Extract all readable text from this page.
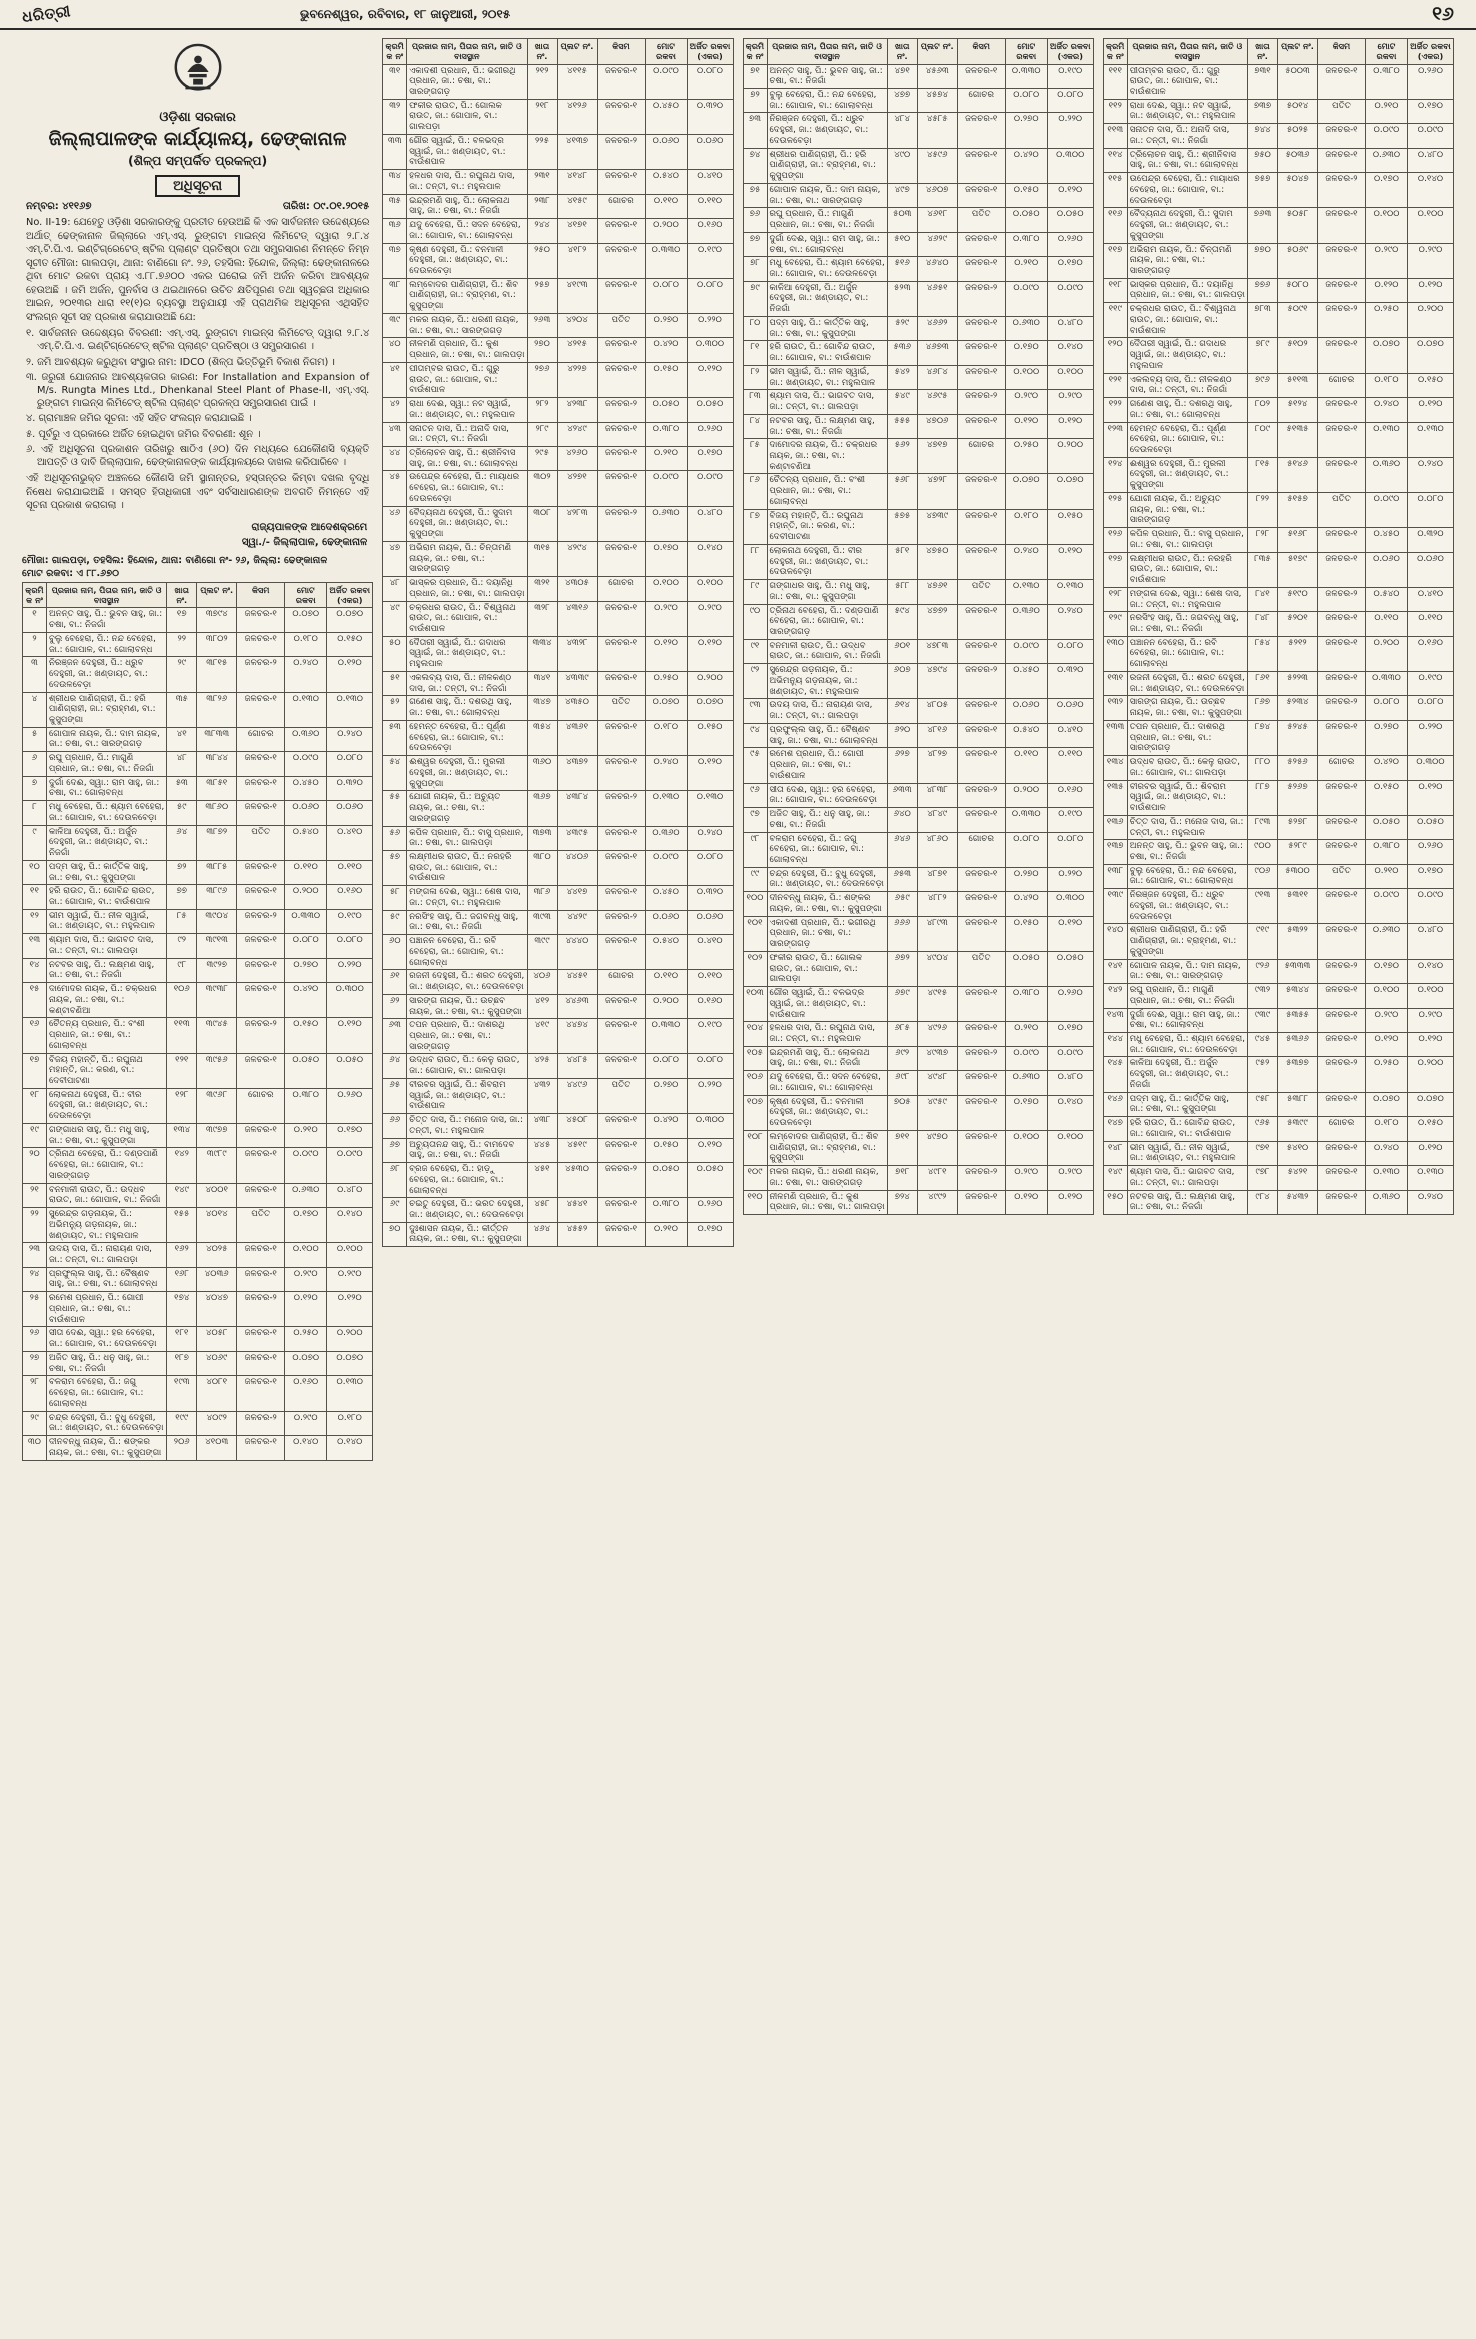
ଧରିତ୍ରୀ	ଭୁବନେଶ୍ୱର, ରବିବାର, ୧୮ ଜାନୁଆରୀ, ୨୦୧୫	୧୬
ଓଡ଼ିଶା ସରକାର
ଜିଲ୍ଲାପାଳଙ୍କ କାର୍ଯ୍ୟାଳୟ, ଢେଙ୍କାନାଳ
(ଶିଳ୍ପ ସମ୍ପର୍କିତ ପ୍ରକଳ୍ପ)
ଅଧିସୂଚନା
ନମ୍ବର: ୪୧୧୬୭	ତାରିଖ: ୦୯.୦୧.୨୦୧୫

No. II-19: ଯେହେତୁ ଓଡ଼ିଶା ସରକାରଙ୍କୁ ପ୍ରତୀତ ହେଉଅଛି କି ଏକ ସାର୍ବଜନୀନ ଉଦ୍ଦେଶ୍ୟରେ ଅର୍ଥାତ୍ ଢେଙ୍କାନାଳ ଜିଲ୍ଲାରେ ଏମ୍.ଏସ୍. ରୁଙ୍ଗଟା ମାଇନ୍ସ ଲିମିଟେଡ୍ ଦ୍ୱାରା ୨.୮.୪ ଏମ୍.ଟି.ପି.ଏ. ଇଣ୍ଟିଗ୍ରେଟେଡ୍ ଷ୍ଟିଲ ପ୍ଲାଣ୍ଟ ପ୍ରତିଷ୍ଠା ତଥା ସମ୍ପ୍ରସାରଣ ନିମନ୍ତେ ନିମ୍ନ ସୂଚୀତ ମୌଜା: ଗାଲପଡ଼ା, ଥାନା: ବାଣିଗୋ ନଂ. ୨୬, ତହସିଲ: ହିନ୍ଦୋଳ, ଜିଲ୍ଲା: ଢେଙ୍କାନାଳରେ ଥିବା ମୋଟ ରକବା ପ୍ରାୟ ଏ.୮୮.୭୬୦୦ ଏକର ଘରୋଇ ଜମି ଅର୍ଜନ କରିବା ଆବଶ୍ୟକ ହେଉଅଛି । ଜମି ଅର୍ଜନ, ପୁନର୍ବାସ ଓ ଥଇଥାନରେ ଉଚିତ କ୍ଷତିପୂରଣ ତଥା ସ୍ୱଚ୍ଛତା ଅଧିକାର ଆଇନ, ୨୦୧୩ର ଧାରା ୧୧(୧)ର ବ୍ୟବସ୍ଥା ଅନୁଯାୟୀ ଏହି ପ୍ରାଥମିକ ଅଧିସୂଚନା ଏଥିସହିତ ସଂଲଗ୍ନ ସୂଚୀ ସହ ପ୍ରକାଶ କରାଯାଉଅଛି ଯେ:

୧. ସାର୍ବଜନୀନ ଉଦ୍ଦେଶ୍ୟର ବିବରଣୀ: ଏମ୍.ଏସ୍. ରୁଙ୍ଗଟା ମାଇନ୍ସ ଲିମିଟେଡ୍ ଦ୍ୱାରା ୨.୮.୪ ଏମ୍.ଟି.ପି.ଏ. ଇଣ୍ଟିଗ୍ରେଟେଡ୍ ଷ୍ଟିଲ ପ୍ଲାଣ୍ଟ ପ୍ରତିଷ୍ଠା ଓ ସମ୍ପ୍ରସାରଣ ।

୨. ଜମି ଆବଶ୍ୟକ କରୁଥିବା ସଂସ୍ଥାର ନାମ: IDCO (ଶିଳ୍ପ ଭିତ୍ତିଭୂମି ବିକାଶ ନିଗମ) ।

୩. ଜରୁରୀ ଯୋଜନାର ଆବଶ୍ୟକତାର କାରଣ: For Installation and Expansion of M/s. Rungta Mines Ltd., Dhenkanal Steel Plant of Phase-II, ଏମ୍.ଏସ୍. ରୁଙ୍ଗଟା ମାଇନ୍ସ ଲିମିଟେଡ୍ ଷ୍ଟିଲ ପ୍ଲାଣ୍ଟ ପ୍ରକଳ୍ପ ସମ୍ପ୍ରସାରଣ ପାଇଁ ।

୪. ଗ୍ରାମାଞ୍ଚଳ ଜମିର ସୂଚନା: ଏହି ସହିତ ସଂଲଗ୍ନ କରାଯାଇଛି ।

୫. ପୂର୍ବରୁ ଏ ପ୍ରକାରେ ଅର୍ଜିତ ହୋଇଥିବା ଜମିର ବିବରଣୀ: ଶୂନ ।

୬. ଏହି ଅଧିସୂଚନା ପ୍ରକାଶନ ତାରିଖରୁ ଷାଠିଏ (୬୦) ଦିନ ମଧ୍ୟରେ ଯେକୌଣସି ବ୍ୟକ୍ତି ଆପତ୍ତି ଓ ଦାବି ଜିଲ୍ଲାପାଳ, ଢେଙ୍କାନାଳଙ୍କ କାର୍ଯ୍ୟାଳୟରେ ଦାଖଲ କରିପାରିବେ ।

ଏହି ଅଧିସୂଚନାଭୁକ୍ତ ଅଞ୍ଚଳରେ କୌଣସି ଜମି ସ୍ଥାନାନ୍ତର, ହସ୍ତାନ୍ତର କିମ୍ବା ଦଖଲ ବୃଦ୍ଧି ନିଷେଧ କରାଯାଇଅଛି । ସମସ୍ତ ହିତାଧିକାରୀ ଏବଂ ସର୍ବସାଧାରଣଙ୍କ ଅବଗତି ନିମନ୍ତେ ଏହି ସୂଚନା ପ୍ରକାଶ କରାଗଲା ।

ରାଜ୍ୟପାଳଙ୍କ ଆଦେଶକ୍ରମେ
ସ୍ୱା./- ଜିଲ୍ଲାପାଳ, ଢେଙ୍କାନାଳ
ମୌଜା: ଗାଲପଡ଼ା, ତହସିଲ: ହିନ୍ଦୋଳ, ଥାନା: ବାଣିଗୋ ନଂ- ୨୬, ଜିଲ୍ଲା: ଢେଙ୍କାନାଳ
ମୋଟ ରକବା: ଏ ୮୮.୬୭୦
କ୍ରମିକ ନଂ	ପ୍ରଜାର ନାମ, ପିତାର ନାମ, ଜାତି ଓ ବାସସ୍ଥାନ	ଖାତା ନଂ.	ପ୍ଲଟ ନଂ.	କିସମ	ମୋଟ ରକବା	ଅର୍ଜିତ ରକବା (ଏକର)
୧	ଅନନ୍ତ ସାହୁ, ପି.: ଭୁବନ ସାହୁ, ଜା.: ଚଷା, ବା.: ନିଜଗାଁ	୧୭	୩୭୯୪	ଜଳଚର-୧	୦.୦୭୦	୦.୦୭୦
୨	ବୁଲୁ ବେହେରା, ପି.: ନନ୍ଦ ବେହେରା, ଜା.: ଗୋପାଳ, ବା.: ଗୋଲାବନ୍ଧ	୨୨	୩୮୦୨	ଜଳଚର-୧	୦.୧୮୦	୦.୧୫୦
୩	ନିରଞ୍ଜନ ଦେହୁରୀ, ପି.: ଧ୍ରୁବ ଦେହୁରୀ, ଜା.: ଖଣ୍ଡାୟତ, ବା.: ଦେଉଳବେଡ଼ା	୨୯	୩୮୧୫	ଜଳଚର-୨	୦.୨୪୦	୦.୧୨୦
୪	ଶ୍ରୀଧର ପାଣିଗ୍ରାହୀ, ପି.: ହରି ପାଣିଗ୍ରାହୀ, ଜା.: ବ୍ରାହ୍ମଣ, ବା.: କୁସୁପଙ୍ଗା	୩୫	୩୮୨୬	ଜଳଚର-୧	୦.୧୩୦	୦.୧୩୦
୫	ଗୋପାଳ ନାୟକ, ପି.: ଦାମ ନାୟକ, ଜା.: ଚଷା, ବା.: ସାରଙ୍ଗଗଡ଼	୪୧	୩୮୩୩	ଗୋଚର	୦.୩୬୦	୦.୨୪୦
୬	ରଘୁ ପ୍ରଧାନ, ପି.: ମାଗୁଣି ପ୍ରଧାନ, ଜା.: ଚଷା, ବା.: ନିଜଗାଁ	୪୮	୩୮୪୪	ଜଳଚର-୧	୦.୦୯୦	୦.୦୮୦
୭	ଦୁର୍ଗା ଦେଈ, ସ୍ୱା.: ରାମ ସାହୁ, ଜା.: ଚଷା, ବା.: ଗୋଲାବନ୍ଧ	୫୩	୩୮୫୧	ଜଳଚର-୧	୦.୪୫୦	୦.୩୨୦
୮	ମଧୁ ବେହେରା, ପି.: ଶ୍ୟାମ ବେହେରା, ଜା.: ଗୋପାଳ, ବା.: ଦେଉଳବେଡ଼ା	୫୯	୩୮୬୦	ଜଳଚର-୧	୦.୦୬୦	୦.୦୬୦
୯	କାଳିଆ ଦେହୁରୀ, ପି.: ଅର୍ଜୁନ ଦେହୁରୀ, ଜା.: ଖଣ୍ଡାୟତ, ବା.: ନିଜଗାଁ	୬୪	୩୮୭୨	ପତିତ	୦.୫୪୦	୦.୪୧୦
୧୦	ପଦ୍ମ ସାହୁ, ପି.: କାର୍ତ୍ତିକ ସାହୁ, ଜା.: ଚଷା, ବା.: କୁସୁପଙ୍ଗା	୭୨	୩୮୮୫	ଜଳଚର-୧	୦.୧୧୦	୦.୧୧୦
୧୧	ହରି ରାଉତ, ପି.: ଗୋବିନ୍ଦ ରାଉତ, ଜା.: ଗୋପାଳ, ବା.: ବାଉଁଶପାଳ	୭୭	୩୮୯୬	ଜଳଚର-୧	୦.୨୦୦	୦.୧୬୦
୧୨	ଭୀମ ସ୍ୱାଇଁ, ପି.: ନୀଳ ସ୍ୱାଇଁ, ଜା.: ଖଣ୍ଡାୟତ, ବା.: ମହୁଲପାଳ	୮୫	୩୯୦୪	ଜଳଚର-୨	୦.୩୩୦	୦.୧୯୦
୧୩	ଶ୍ୟାମ ଦାସ, ପି.: ଭାଗବତ ଦାସ, ଜା.: ତନ୍ତୀ, ବା.: ଗାଲପଡ଼ା	୯୨	୩୯୧୩	ଜଳଚର-୧	୦.୦୮୦	୦.୦୮୦
୧୪	ନଟବର ସାହୁ, ପି.: ଲକ୍ଷ୍ମଣ ସାହୁ, ଜା.: ଚଷା, ବା.: ନିଜଗାଁ	୯୮	୩୯୨୭	ଜଳଚର-୧	୦.୨୭୦	୦.୨୨୦
୧୫	ଦାମୋଦର ନାୟକ, ପି.: ଚକ୍ରଧର ନାୟକ, ଜା.: ଚଷା, ବା.: କଣ୍ଟାବଣିଆ	୧୦୬	୩୯୩୮	ଜଳଚର-୧	୦.୪୨୦	୦.୩୦୦
୧୬	ଚୈତନ୍ୟ ପ୍ରଧାନ, ପି.: ବଂଶୀ ପ୍ରଧାନ, ଜା.: ଚଷା, ବା.: ଗୋଲାବନ୍ଧ	୧୧୩	୩୯୪୫	ଜଳଚର-୨	୦.୧୫୦	୦.୧୨୦
୧୭	ବିଜୟ ମହାନ୍ତି, ପି.: ରଘୁନାଥ ମହାନ୍ତି, ଜା.: କରଣ, ବା.: ଦେବୀପାଟଣା	୧୨୧	୩୯୫୬	ଜଳଚର-୧	୦.୦୫୦	୦.୦୫୦
୧୮	ଲୋକନାଥ ଦେହୁରୀ, ପି.: ବୀର ଦେହୁରୀ, ଜା.: ଖଣ୍ଡାୟତ, ବା.: ଦେଉଳବେଡ଼ା	୧୨୮	୩୯୬୮	ଗୋଚର	୦.୩୮୦	୦.୨୬୦
୧୯	ଗଙ୍ଗାଧର ସାହୁ, ପି.: ମଧୁ ସାହୁ, ଜା.: ଚଷା, ବା.: କୁସୁପଙ୍ଗା	୧୩୪	୩୯୭୭	ଜଳଚର-୧	୦.୨୧୦	୦.୧୭୦
୨୦	ତ୍ରିନାଥ ବେହେରା, ପି.: ଦଣ୍ଡପାଣି ବେହେରା, ଜା.: ଗୋପାଳ, ବା.: ସାରଙ୍ଗଗଡ଼	୧୪୨	୩୯୮୯	ଜଳଚର-୧	୦.୦୯୦	୦.୦୯୦
୨୧	ବନମାଳୀ ରାଉତ, ପି.: ଉଦ୍ଧବ ରାଉତ, ଜା.: ଗୋପାଳ, ବା.: ନିଜଗାଁ	୧୪୯	୪୦୦୧	ଜଳଚର-୧	୦.୬୩୦	୦.୪୮୦
୨୨	ସୁରେନ୍ଦ୍ର ଗଡ଼ନାୟକ, ପି.: ଅଭିମନ୍ୟୁ ଗଡ଼ନାୟକ, ଜା.: ଖଣ୍ଡାୟତ, ବା.: ମହୁଲପାଳ	୧୫୫	୪୦୧୪	ପତିତ	୦.୧୭୦	୦.୧୪୦
୨୩	ଉଦୟ ଦାସ, ପି.: ନାରାୟଣ ଦାସ, ଜା.: ତନ୍ତୀ, ବା.: ଗାଲପଡ଼ା	୧୬୨	୪୦୨୫	ଜଳଚର-୧	୦.୧୦୦	୦.୧୦୦
୨୪	ପ୍ରଫୁଲ୍ଲ ସାହୁ, ପି.: ବୈଷ୍ଣବ ସାହୁ, ଜା.: ଚଷା, ବା.: ଗୋଲାବନ୍ଧ	୧୬୮	୪୦୩୬	ଜଳଚର-୧	୦.୨୯୦	୦.୨୯୦
୨୫	ରମେଶ ପ୍ରଧାନ, ପି.: ଗୋପୀ ପ୍ରଧାନ, ଜା.: ଚଷା, ବା.: ବାଉଁଶପାଳ	୧୭୪	୪୦୪୭	ଜଳଚର-୨	୦.୧୨୦	୦.୧୨୦
୨୬	ସୀତା ଦେଈ, ସ୍ୱା.: ହର ବେହେରା, ଜା.: ଗୋପାଳ, ବା.: ଦେଉଳବେଡ଼ା	୧୮୧	୪୦୫୮	ଜଳଚର-୧	୦.୨୫୦	୦.୨୦୦
୨୭	ଅଜିତ ସାହୁ, ପି.: ଧନୁ ସାହୁ, ଜା.: ଚଷା, ବା.: ନିଜଗାଁ	୧୮୭	୪୦୬୯	ଜଳଚର-୧	୦.୦୭୦	୦.୦୭୦
୨୮	ବଳରାମ ବେହେରା, ପି.: ଜଗୁ ବେହେରା, ଜା.: ଗୋପାଳ, ବା.: ଗୋଲାବନ୍ଧ	୧୯୩	୪୦୮୧	ଜଳଚର-୧	୦.୧୬୦	୦.୧୩୦
୨୯	ଚନ୍ଦ୍ର ଦେହୁରୀ, ପି.: ବୁଧୁ ଦେହୁରୀ, ଜା.: ଖଣ୍ଡାୟତ, ବା.: ଦେଉଳବେଡ଼ା	୧୯୯	୪୦୯୨	ଜଳଚର-୨	୦.୨୯୦	୦.୧୮୦
୩୦	ଦୀନବନ୍ଧୁ ନାୟକ, ପି.: ଶଙ୍କର ନାୟକ, ଜା.: ଚଷା, ବା.: କୁସୁପଙ୍ଗା	୨୦୬	୪୧୦୩	ଜଳଚର-୧	୦.୧୪୦	୦.୧୪୦
କ୍ରମିକ ନଂ	ପ୍ରଜାର ନାମ, ପିତାର ନାମ, ଜାତି ଓ ବାସସ୍ଥାନ	ଖାତା ନଂ.	ପ୍ଲଟ ନଂ.	କିସମ	ମୋଟ ରକବା	ଅର୍ଜିତ ରକବା (ଏକର)
୩୧	ଏକାଦଶୀ ପ୍ରଧାନ, ପି.: ଭଗୀରଥି ପ୍ରଧାନ, ଜା.: ଚଷା, ବା.: ସାରଙ୍ଗଗଡ଼	୨୧୨	୪୧୧୫	ଜଳଚର-୧	୦.୦୯୦	୦.୦୮୦
୩୨	ଫକୀର ରାଉତ, ପି.: ଗୋଲକ ରାଉତ, ଜା.: ଗୋପାଳ, ବା.: ଗାଲପଡ଼ା	୨୧୮	୪୧୨୬	ଜଳଚର-୧	୦.୪୫୦	୦.୩୨୦
୩୩	ଗୌର ସ୍ୱାଇଁ, ପି.: ବଳଭଦ୍ର ସ୍ୱାଇଁ, ଜା.: ଖଣ୍ଡାୟତ, ବା.: ବାଉଁଶପାଳ	୨୨୫	୪୧୩୭	ଜଳଚର-୨	୦.୦୬୦	୦.୦୬୦
୩୪	ହଳଧର ଦାସ, ପି.: ରଘୁନାଥ ଦାସ, ଜା.: ତନ୍ତୀ, ବା.: ମହୁଲପାଳ	୨୩୧	୪୧୪୮	ଜଳଚର-୧	୦.୫୪୦	୦.୪୧୦
୩୫	ଇନ୍ଦ୍ରମଣି ସାହୁ, ପି.: ଲୋକନାଥ ସାହୁ, ଜା.: ଚଷା, ବା.: ନିଜଗାଁ	୨୩୮	୪୧୫୯	ଗୋଚର	୦.୧୧୦	୦.୧୧୦
୩୬	ଯଦୁ ବେହେରା, ପି.: ସଦନ ବେହେରା, ଜା.: ଗୋପାଳ, ବା.: ଗୋଲାବନ୍ଧ	୨୪୪	୪୧୭୧	ଜଳଚର-୧	୦.୨୦୦	୦.୧୬୦
୩୭	କୃଷ୍ଣ ଦେହୁରୀ, ପି.: ବନମାଳୀ ଦେହୁରୀ, ଜା.: ଖଣ୍ଡାୟତ, ବା.: ଦେଉଳବେଡ଼ା	୨୫୦	୪୧୮୨	ଜଳଚର-୧	୦.୩୩୦	୦.୧୯୦
୩୮	ଲମ୍ବୋଦର ପାଣିଗ୍ରାହୀ, ପି.: ଶିବ ପାଣିଗ୍ରାହୀ, ଜା.: ବ୍ରାହ୍ମଣ, ବା.: କୁସୁପଙ୍ଗା	୨୫୭	୪୧୯୩	ଜଳଚର-୧	୦.୦୮୦	୦.୦୮୦
୩୯	ମକର ନାୟକ, ପି.: ଧରଣୀ ନାୟକ, ଜା.: ଚଷା, ବା.: ସାରଙ୍ଗଗଡ଼	୨୬୩	୪୨୦୪	ପତିତ	୦.୨୭୦	୦.୨୨୦
୪୦	ନୀଳମଣି ପ୍ରଧାନ, ପି.: କୁଶ ପ୍ରଧାନ, ଜା.: ଚଷା, ବା.: ଗାଲପଡ଼ା	୨୭୦	୪୨୧୫	ଜଳଚର-୧	୦.୪୨୦	୦.୩୦୦
୪୧	ପୀତାମ୍ବର ରାଉତ, ପି.: ଗୁରୁ ରାଉତ, ଜା.: ଗୋପାଳ, ବା.: ବାଉଁଶପାଳ	୨୭୬	୪୨୨୭	ଜଳଚର-୧	୦.୧୫୦	୦.୧୨୦
୪୨	ରାଧା ଦେଈ, ସ୍ୱା.: ନଟ ସ୍ୱାଇଁ, ଜା.: ଖଣ୍ଡାୟତ, ବା.: ମହୁଲପାଳ	୨୮୨	୪୨୩୮	ଜଳଚର-୨	୦.୦୫୦	୦.୦୫୦
୪୩	ସନାତନ ଦାସ, ପି.: ଅନାଦି ଦାସ, ଜା.: ତନ୍ତୀ, ବା.: ନିଜଗାଁ	୨୮୯	୪୨୪୯	ଜଳଚର-୧	୦.୩୮୦	୦.୨୬୦
୪୪	ତ୍ରିଲୋଚନ ସାହୁ, ପି.: ଶ୍ରୀନିବାସ ସାହୁ, ଜା.: ଚଷା, ବା.: ଗୋଲାବନ୍ଧ	୨୯୫	୪୨୬୦	ଜଳଚର-୧	୦.୨୧୦	୦.୧୭୦
୪୫	ଉପେନ୍ଦ୍ର ବେହେରା, ପି.: ମାୟାଧର ବେହେରା, ଜା.: ଗୋପାଳ, ବା.: ଦେଉଳବେଡ଼ା	୩୦୨	୪୨୭୧	ଜଳଚର-୧	୦.୦୯୦	୦.୦୯୦
୪୬	ବୈଦ୍ୟନାଥ ଦେହୁରୀ, ପି.: ସୁଦାମ ଦେହୁରୀ, ଜା.: ଖଣ୍ଡାୟତ, ବା.: କୁସୁପଙ୍ଗା	୩୦୮	୪୨୮୩	ଜଳଚର-୨	୦.୬୩୦	୦.୪୮୦
୪୭	ଅଭିରାମ ନାୟକ, ପି.: ଚିନ୍ତାମଣି ନାୟକ, ଜା.: ଚଷା, ବା.: ସାରଙ୍ଗଗଡ଼	୩୧୫	୪୨୯୪	ଜଳଚର-୧	୦.୧୭୦	୦.୧୪୦
୪୮	ଭାସ୍କର ପ୍ରଧାନ, ପି.: ଦୟାନିଧି ପ୍ରଧାନ, ଜା.: ଚଷା, ବା.: ଗାଲପଡ଼ା	୩୨୧	୪୩୦୫	ଗୋଚର	୦.୧୦୦	୦.୧୦୦
୪୯	ଚକ୍ରଧର ରାଉତ, ପି.: ବିଶ୍ୱନାଥ ରାଉତ, ଜା.: ଗୋପାଳ, ବା.: ବାଉଁଶପାଳ	୩୨୮	୪୩୧୬	ଜଳଚର-୧	୦.୨୯୦	୦.୨୯୦
୫୦	ଦୈତାରୀ ସ୍ୱାଇଁ, ପି.: ଗଦାଧର ସ୍ୱାଇଁ, ଜା.: ଖଣ୍ଡାୟତ, ବା.: ମହୁଲପାଳ	୩୩୪	୪୩୨୮	ଜଳଚର-୧	୦.୧୨୦	୦.୧୨୦
୫୧	ଏକଲବ୍ୟ ଦାସ, ପି.: ନୀଳକଣ୍ଠ ଦାସ, ଜା.: ତନ୍ତୀ, ବା.: ନିଜଗାଁ	୩୪୧	୪୩୩୯	ଜଳଚର-୧	୦.୨୫୦	୦.୨୦୦
୫୨	ଗଣେଶ ସାହୁ, ପି.: ଦଶରଥି ସାହୁ, ଜା.: ଚଷା, ବା.: ଗୋଲାବନ୍ଧ	୩୪୭	୪୩୫୦	ପତିତ	୦.୦୭୦	୦.୦୭୦
୫୩	ହେମନ୍ତ ବେହେରା, ପି.: ପୂର୍ଣ୍ଣ ବେହେରା, ଜା.: ଗୋପାଳ, ବା.: ଦେଉଳବେଡ଼ା	୩୫୪	୪୩୬୧	ଜଳଚର-୧	୦.୧୮୦	୦.୧୫୦
୫୪	ଈଶ୍ୱର ଦେହୁରୀ, ପି.: ମୁରଲୀ ଦେହୁରୀ, ଜା.: ଖଣ୍ଡାୟତ, ବା.: କୁସୁପଙ୍ଗା	୩୬୦	୪୩୭୨	ଜଳଚର-୧	୦.୨୪୦	୦.୧୨୦
୫୫	ଯୋଗୀ ନାୟକ, ପି.: ଅଚ୍ୟୁତ ନାୟକ, ଜା.: ଚଷା, ବା.: ସାରଙ୍ଗଗଡ଼	୩୬୭	୪୩୮୪	ଜଳଚର-୨	୦.୧୩୦	୦.୧୩୦
୫୬	କପିଳ ପ୍ରଧାନ, ପି.: ବାସୁ ପ୍ରଧାନ, ଜା.: ଚଷା, ବା.: ଗାଲପଡ଼ା	୩୭୩	୪୩୯୫	ଜଳଚର-୧	୦.୩୬୦	୦.୨୪୦
୫୭	ଲକ୍ଷ୍ମୀଧର ରାଉତ, ପି.: ନରହରି ରାଉତ, ଜା.: ଗୋପାଳ, ବା.: ବାଉଁଶପାଳ	୩୮୦	୪୪୦୬	ଜଳଚର-୧	୦.୦୯୦	୦.୦୮୦
୫୮	ମଙ୍ଗଳା ଦେଈ, ସ୍ୱା.: ଶେଷ ଦାସ, ଜା.: ତନ୍ତୀ, ବା.: ମହୁଲପାଳ	୩୮୬	୪୪୧୭	ଜଳଚର-୧	୦.୪୫୦	୦.୩୨୦
୫୯	ନରସିଂହ ସାହୁ, ପି.: ଜଗବନ୍ଧୁ ସାହୁ, ଜା.: ଚଷା, ବା.: ନିଜଗାଁ	୩୯୩	୪୪୨୯	ଜଳଚର-୨	୦.୦୬୦	୦.୦୬୦
୬୦	ପଞ୍ଚାନନ ବେହେରା, ପି.: ରବି ବେହେରା, ଜା.: ଗୋପାଳ, ବା.: ଗୋଲାବନ୍ଧ	୩୯୯	୪୪୪୦	ଜଳଚର-୧	୦.୫୪୦	୦.୪୧୦
୬୧	ରଜନୀ ଦେହୁରୀ, ପି.: ଶରତ ଦେହୁରୀ, ଜା.: ଖଣ୍ଡାୟତ, ବା.: ଦେଉଳବେଡ଼ା	୪୦୬	୪୪୫୧	ଗୋଚର	୦.୧୧୦	୦.୧୧୦
୬୨	ସାରଙ୍ଗ ନାୟକ, ପି.: ଉଚ୍ଛବ ନାୟକ, ଜା.: ଚଷା, ବା.: କୁସୁପଙ୍ଗା	୪୧୨	୪୪୬୩	ଜଳଚର-୧	୦.୨୦୦	୦.୧୬୦
୬୩	ତପନ ପ୍ରଧାନ, ପି.: ଦାଶରଥି ପ୍ରଧାନ, ଜା.: ଚଷା, ବା.: ସାରଙ୍ଗଗଡ଼	୪୧୯	୪୪୭୪	ଜଳଚର-୧	୦.୩୩୦	୦.୧୯୦
୬୪	ଉଦ୍ଧବ ରାଉତ, ପି.: କେଳୁ ରାଉତ, ଜା.: ଗୋପାଳ, ବା.: ଗାଲପଡ଼ା	୪୨୫	୪୪୮୫	ଜଳଚର-୧	୦.୦୮୦	୦.୦୮୦
୬୫	ବୀରବର ସ୍ୱାଇଁ, ପି.: ଶିବରାମ ସ୍ୱାଇଁ, ଜା.: ଖଣ୍ଡାୟତ, ବା.: ବାଉଁଶପାଳ	୪୩୨	୪୪୯୬	ପତିତ	୦.୨୭୦	୦.୨୨୦
୬୬	ଚିତ୍ତ ଦାସ, ପି.: ମନୋଜ ଦାସ, ଜା.: ତନ୍ତୀ, ବା.: ମହୁଲପାଳ	୪୩୮	୪୫୦୮	ଜଳଚର-୧	୦.୪୨୦	୦.୩୦୦
୬୭	ଅଚ୍ୟୁତାନନ୍ଦ ସାହୁ, ପି.: ବାମଦେବ ସାହୁ, ଜା.: ଚଷା, ବା.: ନିଜଗାଁ	୪୪୫	୪୫୧୯	ଜଳଚର-୧	୦.୧୫୦	୦.୧୨୦
୬୮	ବ୍ରଜ ବେହେରା, ପି.: ହାଡ଼ୁ ବେହେରା, ଜା.: ଗୋପାଳ, ବା.: ଗୋଲାବନ୍ଧ	୪୫୧	୪୫୩୦	ଜଳଚର-୨	୦.୦୫୦	୦.୦୫୦
୬୯	ଚଇତୁ ଦେହୁରୀ, ପି.: ଭରତ ଦେହୁରୀ, ଜା.: ଖଣ୍ଡାୟତ, ବା.: ଦେଉଳବେଡ଼ା	୪୫୮	୪୫୪୧	ଜଳଚର-୧	୦.୩୮୦	୦.୨୬୦
୭୦	ଦୁଃଶାସନ ନାୟକ, ପି.: କୀର୍ତ୍ତନ ନାୟକ, ଜା.: ଚଷା, ବା.: କୁସୁପଙ୍ଗା	୪୬୪	୪୫୫୨	ଜଳଚର-୧	୦.୨୧୦	୦.୧୭୦
କ୍ରମିକ ନଂ	ପ୍ରଜାର ନାମ, ପିତାର ନାମ, ଜାତି ଓ ବାସସ୍ଥାନ	ଖାତା ନଂ.	ପ୍ଲଟ ନଂ.	କିସମ	ମୋଟ ରକବା	ଅର୍ଜିତ ରକବା (ଏକର)
୭୧	ଅନନ୍ତ ସାହୁ, ପି.: ଭୁବନ ସାହୁ, ଜା.: ଚଷା, ବା.: ନିଜଗାଁ	୪୭୧	୪୫୬୩	ଜଳଚର-୧	୦.୩୩୦	୦.୧୯୦
୭୨	ବୁଲୁ ବେହେରା, ପି.: ନନ୍ଦ ବେହେରା, ଜା.: ଗୋପାଳ, ବା.: ଗୋଲାବନ୍ଧ	୪୭୭	୪୫୭୪	ଗୋଚର	୦.୦୮୦	୦.୦୮୦
୭୩	ନିରଞ୍ଜନ ଦେହୁରୀ, ପି.: ଧ୍ରୁବ ଦେହୁରୀ, ଜା.: ଖଣ୍ଡାୟତ, ବା.: ଦେଉଳବେଡ଼ା	୪୮୪	୪୫୮୫	ଜଳଚର-୧	୦.୨୭୦	୦.୨୨୦
୭୪	ଶ୍ରୀଧର ପାଣିଗ୍ରାହୀ, ପି.: ହରି ପାଣିଗ୍ରାହୀ, ଜା.: ବ୍ରାହ୍ମଣ, ବା.: କୁସୁପଙ୍ଗା	୪୯୦	୪୫୯୬	ଜଳଚର-୧	୦.୪୨୦	୦.୩୦୦
୭୫	ଗୋପାଳ ନାୟକ, ପି.: ଦାମ ନାୟକ, ଜା.: ଚଷା, ବା.: ସାରଙ୍ଗଗଡ଼	୪୯୭	୪୬୦୭	ଜଳଚର-୧	୦.୧୫୦	୦.୧୨୦
୭୬	ରଘୁ ପ୍ରଧାନ, ପି.: ମାଗୁଣି ପ୍ରଧାନ, ଜା.: ଚଷା, ବା.: ନିଜଗାଁ	୫୦୩	୪୬୧୮	ପତିତ	୦.୦୫୦	୦.୦୫୦
୭୭	ଦୁର୍ଗା ଦେଈ, ସ୍ୱା.: ରାମ ସାହୁ, ଜା.: ଚଷା, ବା.: ଗୋଲାବନ୍ଧ	୫୧୦	୪୬୨୯	ଜଳଚର-୧	୦.୩୮୦	୦.୨୬୦
୭୮	ମଧୁ ବେହେରା, ପି.: ଶ୍ୟାମ ବେହେରା, ଜା.: ଗୋପାଳ, ବା.: ଦେଉଳବେଡ଼ା	୫୧୬	୪୬୪୦	ଜଳଚର-୧	୦.୨୧୦	୦.୧୭୦
୭୯	କାଳିଆ ଦେହୁରୀ, ପି.: ଅର୍ଜୁନ ଦେହୁରୀ, ଜା.: ଖଣ୍ଡାୟତ, ବା.: ନିଜଗାଁ	୫୨୩	୪୬୫୧	ଜଳଚର-୨	୦.୦୯୦	୦.୦୯୦
୮୦	ପଦ୍ମ ସାହୁ, ପି.: କାର୍ତ୍ତିକ ସାହୁ, ଜା.: ଚଷା, ବା.: କୁସୁପଙ୍ଗା	୫୨୯	୪୬୬୨	ଜଳଚର-୧	୦.୬୩୦	୦.୪୮୦
୮୧	ହରି ରାଉତ, ପି.: ଗୋବିନ୍ଦ ରାଉତ, ଜା.: ଗୋପାଳ, ବା.: ବାଉଁଶପାଳ	୫୩୬	୪୬୭୩	ଜଳଚର-୧	୦.୧୭୦	୦.୧୪୦
୮୨	ଭୀମ ସ୍ୱାଇଁ, ପି.: ନୀଳ ସ୍ୱାଇଁ, ଜା.: ଖଣ୍ଡାୟତ, ବା.: ମହୁଲପାଳ	୫୪୨	୪୬୮୪	ଜଳଚର-୧	୦.୧୦୦	୦.୧୦୦
୮୩	ଶ୍ୟାମ ଦାସ, ପି.: ଭାଗବତ ଦାସ, ଜା.: ତନ୍ତୀ, ବା.: ଗାଲପଡ଼ା	୫୪୯	୪୬୯୫	ଜଳଚର-୨	୦.୨୯୦	୦.୨୯୦
୮୪	ନଟବର ସାହୁ, ପି.: ଲକ୍ଷ୍ମଣ ସାହୁ, ଜା.: ଚଷା, ବା.: ନିଜଗାଁ	୫୫୫	୪୭୦୬	ଜଳଚର-୧	୦.୧୨୦	୦.୧୨୦
୮୫	ଦାମୋଦର ନାୟକ, ପି.: ଚକ୍ରଧର ନାୟକ, ଜା.: ଚଷା, ବା.: କଣ୍ଟାବଣିଆ	୫୬୨	୪୭୧୭	ଗୋଚର	୦.୨୫୦	୦.୨୦୦
୮୬	ଚୈତନ୍ୟ ପ୍ରଧାନ, ପି.: ବଂଶୀ ପ୍ରଧାନ, ଜା.: ଚଷା, ବା.: ଗୋଲାବନ୍ଧ	୫୬୮	୪୭୨୮	ଜଳଚର-୧	୦.୦୭୦	୦.୦୭୦
୮୭	ବିଜୟ ମହାନ୍ତି, ପି.: ରଘୁନାଥ ମହାନ୍ତି, ଜା.: କରଣ, ବା.: ଦେବୀପାଟଣା	୫୭୫	୪୭୩୯	ଜଳଚର-୧	୦.୧୮୦	୦.୧୫୦
୮୮	ଲୋକନାଥ ଦେହୁରୀ, ପି.: ବୀର ଦେହୁରୀ, ଜା.: ଖଣ୍ଡାୟତ, ବା.: ଦେଉଳବେଡ଼ା	୫୮୧	୪୭୫୦	ଜଳଚର-୧	୦.୨୪୦	୦.୧୨୦
୮୯	ଗଙ୍ଗାଧର ସାହୁ, ପି.: ମଧୁ ସାହୁ, ଜା.: ଚଷା, ବା.: କୁସୁପଙ୍ଗା	୫୮୮	୪୭୬୧	ପତିତ	୦.୧୩୦	୦.୧୩୦
୯୦	ତ୍ରିନାଥ ବେହେରା, ପି.: ଦଣ୍ଡପାଣି ବେହେରା, ଜା.: ଗୋପାଳ, ବା.: ସାରଙ୍ଗଗଡ଼	୫୯୪	୪୭୭୨	ଜଳଚର-୧	୦.୩୬୦	୦.୨୪୦
୯୧	ବନମାଳୀ ରାଉତ, ପି.: ଉଦ୍ଧବ ରାଉତ, ଜା.: ଗୋପାଳ, ବା.: ନିଜଗାଁ	୬୦୧	୪୭୮୩	ଜଳଚର-୧	୦.୦୯୦	୦.୦୮୦
୯୨	ସୁରେନ୍ଦ୍ର ଗଡ଼ନାୟକ, ପି.: ଅଭିମନ୍ୟୁ ଗଡ଼ନାୟକ, ଜା.: ଖଣ୍ଡାୟତ, ବା.: ମହୁଲପାଳ	୬୦୭	୪୭୯୪	ଜଳଚର-୨	୦.୪୫୦	୦.୩୨୦
୯୩	ଉଦୟ ଦାସ, ପି.: ନାରାୟଣ ଦାସ, ଜା.: ତନ୍ତୀ, ବା.: ଗାଲପଡ଼ା	୬୧୪	୪୮୦୫	ଜଳଚର-୧	୦.୦୬୦	୦.୦୬୦
୯୪	ପ୍ରଫୁଲ୍ଲ ସାହୁ, ପି.: ବୈଷ୍ଣବ ସାହୁ, ଜା.: ଚଷା, ବା.: ଗୋଲାବନ୍ଧ	୬୨୦	୪୮୧୬	ଜଳଚର-୧	୦.୫୪୦	୦.୪୧୦
୯୫	ରମେଶ ପ୍ରଧାନ, ପି.: ଗୋପୀ ପ୍ରଧାନ, ଜା.: ଚଷା, ବା.: ବାଉଁଶପାଳ	୬୨୭	୪୮୨୭	ଜଳଚର-୧	୦.୧୧୦	୦.୧୧୦
୯୬	ସୀତା ଦେଈ, ସ୍ୱା.: ହର ବେହେରା, ଜା.: ଗୋପାଳ, ବା.: ଦେଉଳବେଡ଼ା	୬୩୩	୪୮୩୮	ଜଳଚର-୨	୦.୨୦୦	୦.୧୬୦
୯୭	ଅଜିତ ସାହୁ, ପି.: ଧନୁ ସାହୁ, ଜା.: ଚଷା, ବା.: ନିଜଗାଁ	୬୪୦	୪୮୪୯	ଜଳଚର-୧	୦.୩୩୦	୦.୧୯୦
୯୮	ବଳରାମ ବେହେରା, ପି.: ଜଗୁ ବେହେରା, ଜା.: ଗୋପାଳ, ବା.: ଗୋଲାବନ୍ଧ	୬୪୬	୪୮୬୦	ଗୋଚର	୦.୦୮୦	୦.୦୮୦
୯୯	ଚନ୍ଦ୍ର ଦେହୁରୀ, ପି.: ବୁଧୁ ଦେହୁରୀ, ଜା.: ଖଣ୍ଡାୟତ, ବା.: ଦେଉଳବେଡ଼ା	୬୫୩	୪୮୭୧	ଜଳଚର-୧	୦.୨୭୦	୦.୨୨୦
୧୦୦	ଦୀନବନ୍ଧୁ ନାୟକ, ପି.: ଶଙ୍କର ନାୟକ, ଜା.: ଚଷା, ବା.: କୁସୁପଙ୍ଗା	୬୫୯	୪୮୮୨	ଜଳଚର-୧	୦.୪୨୦	୦.୩୦୦
୧୦୧	ଏକାଦଶୀ ପ୍ରଧାନ, ପି.: ଭଗୀରଥି ପ୍ରଧାନ, ଜା.: ଚଷା, ବା.: ସାରଙ୍ଗଗଡ଼	୬୬୬	୪୮୯୩	ଜଳଚର-୧	୦.୧୫୦	୦.୧୨୦
୧୦୨	ଫକୀର ରାଉତ, ପି.: ଗୋଲକ ରାଉତ, ଜା.: ଗୋପାଳ, ବା.: ଗାଲପଡ଼ା	୬୭୨	୪୯୦୪	ପତିତ	୦.୦୫୦	୦.୦୫୦
୧୦୩	ଗୌର ସ୍ୱାଇଁ, ପି.: ବଳଭଦ୍ର ସ୍ୱାଇଁ, ଜା.: ଖଣ୍ଡାୟତ, ବା.: ବାଉଁଶପାଳ	୬୭୯	୪୯୧୫	ଜଳଚର-୧	୦.୩୮୦	୦.୨୬୦
୧୦୪	ହଳଧର ଦାସ, ପି.: ରଘୁନାଥ ଦାସ, ଜା.: ତନ୍ତୀ, ବା.: ମହୁଲପାଳ	୬୮୫	୪୯୨୬	ଜଳଚର-୧	୦.୨୧୦	୦.୧୭୦
୧୦୫	ଇନ୍ଦ୍ରମଣି ସାହୁ, ପି.: ଲୋକନାଥ ସାହୁ, ଜା.: ଚଷା, ବା.: ନିଜଗାଁ	୬୯୨	୪୯୩୭	ଜଳଚର-୨	୦.୦୯୦	୦.୦୯୦
୧୦୬	ଯଦୁ ବେହେରା, ପି.: ସଦନ ବେହେରା, ଜା.: ଗୋପାଳ, ବା.: ଗୋଲାବନ୍ଧ	୬୯୮	୪୯୪୮	ଜଳଚର-୧	୦.୬୩୦	୦.୪୮୦
୧୦୭	କୃଷ୍ଣ ଦେହୁରୀ, ପି.: ବନମାଳୀ ଦେହୁରୀ, ଜା.: ଖଣ୍ଡାୟତ, ବା.: ଦେଉଳବେଡ଼ା	୭୦୫	୪୯୫୯	ଜଳଚର-୧	୦.୧୭୦	୦.୧୪୦
୧୦୮	ଲମ୍ବୋଦର ପାଣିଗ୍ରାହୀ, ପି.: ଶିବ ପାଣିଗ୍ରାହୀ, ଜା.: ବ୍ରାହ୍ମଣ, ବା.: କୁସୁପଙ୍ଗା	୭୧୧	୪୯୭୦	ଜଳଚର-୧	୦.୧୦୦	୦.୧୦୦
୧୦୯	ମକର ନାୟକ, ପି.: ଧରଣୀ ନାୟକ, ଜା.: ଚଷା, ବା.: ସାରଙ୍ଗଗଡ଼	୭୧୮	୪୯୮୧	ଜଳଚର-୨	୦.୨୯୦	୦.୨୯୦
୧୧୦	ନୀଳମଣି ପ୍ରଧାନ, ପି.: କୁଶ ପ୍ରଧାନ, ଜା.: ଚଷା, ବା.: ଗାଲପଡ଼ା	୭୨୪	୪୯୯୨	ଜଳଚର-୧	୦.୧୨୦	୦.୧୨୦
କ୍ରମିକ ନଂ	ପ୍ରଜାର ନାମ, ପିତାର ନାମ, ଜାତି ଓ ବାସସ୍ଥାନ	ଖାତା ନଂ.	ପ୍ଲଟ ନଂ.	କିସମ	ମୋଟ ରକବା	ଅର୍ଜିତ ରକବା (ଏକର)
୧୧୧	ପୀତାମ୍ବର ରାଉତ, ପି.: ଗୁରୁ ରାଉତ, ଜା.: ଗୋପାଳ, ବା.: ବାଉଁଶପାଳ	୭୩୧	୫୦୦୩	ଜଳଚର-୧	୦.୩୮୦	୦.୨୬୦
୧୧୨	ରାଧା ଦେଈ, ସ୍ୱା.: ନଟ ସ୍ୱାଇଁ, ଜା.: ଖଣ୍ଡାୟତ, ବା.: ମହୁଲପାଳ	୭୩୭	୫୦୧୪	ପତିତ	୦.୨୧୦	୦.୧୭୦
୧୧୩	ସନାତନ ଦାସ, ପି.: ଅନାଦି ଦାସ, ଜା.: ତନ୍ତୀ, ବା.: ନିଜଗାଁ	୭୪୪	୫୦୨୫	ଜଳଚର-୧	୦.୦୯୦	୦.୦୯୦
୧୧୪	ତ୍ରିଲୋଚନ ସାହୁ, ପି.: ଶ୍ରୀନିବାସ ସାହୁ, ଜା.: ଚଷା, ବା.: ଗୋଲାବନ୍ଧ	୭୫୦	୫୦୩୬	ଜଳଚର-୧	୦.୬୩୦	୦.୪୮୦
୧୧୫	ଉପେନ୍ଦ୍ର ବେହେରା, ପି.: ମାୟାଧର ବେହେରା, ଜା.: ଗୋପାଳ, ବା.: ଦେଉଳବେଡ଼ା	୭୫୭	୫୦୪୭	ଜଳଚର-୨	୦.୧୭୦	୦.୧୪୦
୧୧୬	ବୈଦ୍ୟନାଥ ଦେହୁରୀ, ପି.: ସୁଦାମ ଦେହୁରୀ, ଜା.: ଖଣ୍ଡାୟତ, ବା.: କୁସୁପଙ୍ଗା	୭୬୩	୫୦୫୮	ଜଳଚର-୧	୦.୧୦୦	୦.୧୦୦
୧୧୭	ଅଭିରାମ ନାୟକ, ପି.: ଚିନ୍ତାମଣି ନାୟକ, ଜା.: ଚଷା, ବା.: ସାରଙ୍ଗଗଡ଼	୭୭୦	୫୦୬୯	ଜଳଚର-୧	୦.୨୯୦	୦.୨୯୦
୧୧୮	ଭାସ୍କର ପ୍ରଧାନ, ପି.: ଦୟାନିଧି ପ୍ରଧାନ, ଜା.: ଚଷା, ବା.: ଗାଲପଡ଼ା	୭୭୬	୫୦୮୦	ଜଳଚର-୧	୦.୧୨୦	୦.୧୨୦
୧୧୯	ଚକ୍ରଧର ରାଉତ, ପି.: ବିଶ୍ୱନାଥ ରାଉତ, ଜା.: ଗୋପାଳ, ବା.: ବାଉଁଶପାଳ	୭୮୩	୫୦୯୧	ଜଳଚର-୨	୦.୨୫୦	୦.୨୦୦
୧୨୦	ଦୈତାରୀ ସ୍ୱାଇଁ, ପି.: ଗଦାଧର ସ୍ୱାଇଁ, ଜା.: ଖଣ୍ଡାୟତ, ବା.: ମହୁଲପାଳ	୭୮୯	୫୧୦୨	ଜଳଚର-୧	୦.୦୭୦	୦.୦୭୦
୧୨୧	ଏକଲବ୍ୟ ଦାସ, ପି.: ନୀଳକଣ୍ଠ ଦାସ, ଜା.: ତନ୍ତୀ, ବା.: ନିଜଗାଁ	୭୯୬	୫୧୧୩	ଗୋଚର	୦.୧୮୦	୦.୧୫୦
୧୨୨	ଗଣେଶ ସାହୁ, ପି.: ଦଶରଥି ସାହୁ, ଜା.: ଚଷା, ବା.: ଗୋଲାବନ୍ଧ	୮୦୨	୫୧୨୪	ଜଳଚର-୧	୦.୨୪୦	୦.୧୨୦
୧୨୩	ହେମନ୍ତ ବେହେରା, ପି.: ପୂର୍ଣ୍ଣ ବେହେରା, ଜା.: ଗୋପାଳ, ବା.: ଦେଉଳବେଡ଼ା	୮୦୯	୫୧୩୫	ଜଳଚର-୧	୦.୧୩୦	୦.୧୩୦
୧୨୪	ଈଶ୍ୱର ଦେହୁରୀ, ପି.: ମୁରଲୀ ଦେହୁରୀ, ଜା.: ଖଣ୍ଡାୟତ, ବା.: କୁସୁପଙ୍ଗା	୮୧୫	୫୧୪୬	ଜଳଚର-୧	୦.୩୬୦	୦.୨୪୦
୧୨୫	ଯୋଗୀ ନାୟକ, ପି.: ଅଚ୍ୟୁତ ନାୟକ, ଜା.: ଚଷା, ବା.: ସାରଙ୍ଗଗଡ଼	୮୨୨	୫୧୫୭	ପତିତ	୦.୦୯୦	୦.୦୮୦
୧୨୬	କପିଳ ପ୍ରଧାନ, ପି.: ବାସୁ ପ୍ରଧାନ, ଜା.: ଚଷା, ବା.: ଗାଲପଡ଼ା	୮୨୮	୫୧୬୮	ଜଳଚର-୧	୦.୪୫୦	୦.୩୨୦
୧୨୭	ଲକ୍ଷ୍ମୀଧର ରାଉତ, ପି.: ନରହରି ରାଉତ, ଜା.: ଗୋପାଳ, ବା.: ବାଉଁଶପାଳ	୮୩୫	୫୧୭୯	ଜଳଚର-୧	୦.୦୬୦	୦.୦୬୦
୧୨୮	ମଙ୍ଗଳା ଦେଈ, ସ୍ୱା.: ଶେଷ ଦାସ, ଜା.: ତନ୍ତୀ, ବା.: ମହୁଲପାଳ	୮୪୧	୫୧୯୦	ଜଳଚର-୨	୦.୫୪୦	୦.୪୧୦
୧୨୯	ନରସିଂହ ସାହୁ, ପି.: ଜଗବନ୍ଧୁ ସାହୁ, ଜା.: ଚଷା, ବା.: ନିଜଗାଁ	୮୪୮	୫୨୦୧	ଜଳଚର-୧	୦.୧୧୦	୦.୧୧୦
୧୩୦	ପଞ୍ଚାନନ ବେହେରା, ପି.: ରବି ବେହେରା, ଜା.: ଗୋପାଳ, ବା.: ଗୋଲାବନ୍ଧ	୮୫୪	୫୨୧୨	ଜଳଚର-୧	୦.୨୦୦	୦.୧୬୦
୧୩୧	ରଜନୀ ଦେହୁରୀ, ପି.: ଶରତ ଦେହୁରୀ, ଜା.: ଖଣ୍ଡାୟତ, ବା.: ଦେଉଳବେଡ଼ା	୮୬୧	୫୨୨୩	ଜଳଚର-୧	୦.୩୩୦	୦.୧୯୦
୧୩୨	ସାରଙ୍ଗ ନାୟକ, ପି.: ଉଚ୍ଛବ ନାୟକ, ଜା.: ଚଷା, ବା.: କୁସୁପଙ୍ଗା	୮୬୭	୫୨୩୪	ଜଳଚର-୨	୦.୦୮୦	୦.୦୮୦
୧୩୩	ତପନ ପ୍ରଧାନ, ପି.: ଦାଶରଥି ପ୍ରଧାନ, ଜା.: ଚଷା, ବା.: ସାରଙ୍ଗଗଡ଼	୮୭୪	୫୨୪୫	ଜଳଚର-୧	୦.୨୭୦	୦.୨୨୦
୧୩୪	ଉଦ୍ଧବ ରାଉତ, ପି.: କେଳୁ ରାଉତ, ଜା.: ଗୋପାଳ, ବା.: ଗାଲପଡ଼ା	୮୮୦	୫୨୫୬	ଗୋଚର	୦.୪୨୦	୦.୩୦୦
୧୩୫	ବୀରବର ସ୍ୱାଇଁ, ପି.: ଶିବରାମ ସ୍ୱାଇଁ, ଜା.: ଖଣ୍ଡାୟତ, ବା.: ବାଉଁଶପାଳ	୮୮୭	୫୨୬୭	ଜଳଚର-୧	୦.୧୫୦	୦.୧୨୦
୧୩୬	ଚିତ୍ତ ଦାସ, ପି.: ମନୋଜ ଦାସ, ଜା.: ତନ୍ତୀ, ବା.: ମହୁଲପାଳ	୮୯୩	୫୨୭୮	ଜଳଚର-୧	୦.୦୫୦	୦.୦୫୦
୧୩୭	ଅନନ୍ତ ସାହୁ, ପି.: ଭୁବନ ସାହୁ, ଜା.: ଚଷା, ବା.: ନିଜଗାଁ	୯୦୦	୫୨୮୯	ଜଳଚର-୧	୦.୩୮୦	୦.୨୬୦
୧୩୮	ବୁଲୁ ବେହେରା, ପି.: ନନ୍ଦ ବେହେରା, ଜା.: ଗୋପାଳ, ବା.: ଗୋଲାବନ୍ଧ	୯୦୬	୫୩୦୦	ପତିତ	୦.୨୧୦	୦.୧୭୦
୧୩୯	ନିରଞ୍ଜନ ଦେହୁରୀ, ପି.: ଧ୍ରୁବ ଦେହୁରୀ, ଜା.: ଖଣ୍ଡାୟତ, ବା.: ଦେଉଳବେଡ଼ା	୯୧୩	୫୩୧୧	ଜଳଚର-୧	୦.୦୯୦	୦.୦୯୦
୧୪୦	ଶ୍ରୀଧର ପାଣିଗ୍ରାହୀ, ପି.: ହରି ପାଣିଗ୍ରାହୀ, ଜା.: ବ୍ରାହ୍ମଣ, ବା.: କୁସୁପଙ୍ଗା	୯୧୯	୫୩୨୨	ଜଳଚର-୧	୦.୬୩୦	୦.୪୮୦
୧୪୧	ଗୋପାଳ ନାୟକ, ପି.: ଦାମ ନାୟକ, ଜା.: ଚଷା, ବା.: ସାରଙ୍ଗଗଡ଼	୯୨୬	୫୩୩୩	ଜଳଚର-୨	୦.୧୭୦	୦.୧୪୦
୧୪୨	ରଘୁ ପ୍ରଧାନ, ପି.: ମାଗୁଣି ପ୍ରଧାନ, ଜା.: ଚଷା, ବା.: ନିଜଗାଁ	୯୩୨	୫୩୪୪	ଜଳଚର-୧	୦.୧୦୦	୦.୧୦୦
୧୪୩	ଦୁର୍ଗା ଦେଈ, ସ୍ୱା.: ରାମ ସାହୁ, ଜା.: ଚଷା, ବା.: ଗୋଲାବନ୍ଧ	୯୩୯	୫୩୫୫	ଜଳଚର-୧	୦.୨୯୦	୦.୨୯୦
୧୪୪	ମଧୁ ବେହେରା, ପି.: ଶ୍ୟାମ ବେହେରା, ଜା.: ଗୋପାଳ, ବା.: ଦେଉଳବେଡ଼ା	୯୪୫	୫୩୬୬	ଜଳଚର-୧	୦.୧୨୦	୦.୧୨୦
୧୪୫	କାଳିଆ ଦେହୁରୀ, ପି.: ଅର୍ଜୁନ ଦେହୁରୀ, ଜା.: ଖଣ୍ଡାୟତ, ବା.: ନିଜଗାଁ	୯୫୨	୫୩୭୭	ଜଳଚର-୨	୦.୨୫୦	୦.୨୦୦
୧୪୬	ପଦ୍ମ ସାହୁ, ପି.: କାର୍ତ୍ତିକ ସାହୁ, ଜା.: ଚଷା, ବା.: କୁସୁପଙ୍ଗା	୯୫୮	୫୩୮୮	ଜଳଚର-୧	୦.୦୭୦	୦.୦୭୦
୧୪୭	ହରି ରାଉତ, ପି.: ଗୋବିନ୍ଦ ରାଉତ, ଜା.: ଗୋପାଳ, ବା.: ବାଉଁଶପାଳ	୯୬୫	୫୩୯୯	ଗୋଚର	୦.୧୮୦	୦.୧୫୦
୧୪୮	ଭୀମ ସ୍ୱାଇଁ, ପି.: ନୀଳ ସ୍ୱାଇଁ, ଜା.: ଖଣ୍ଡାୟତ, ବା.: ମହୁଲପାଳ	୯୭୧	୫୪୧୦	ଜଳଚର-୧	୦.୨୪୦	୦.୧୨୦
୧୪୯	ଶ୍ୟାମ ଦାସ, ପି.: ଭାଗବତ ଦାସ, ଜା.: ତନ୍ତୀ, ବା.: ଗାଲପଡ଼ା	୯୭୮	୫୪୨୧	ଜଳଚର-୧	୦.୧୩୦	୦.୧୩୦
୧୫୦	ନଟବର ସାହୁ, ପି.: ଲକ୍ଷ୍ମଣ ସାହୁ, ଜା.: ଚଷା, ବା.: ନିଜଗାଁ	୯୮୪	୫୪୩୨	ଜଳଚର-୧	୦.୩୬୦	୦.୨୪୦
